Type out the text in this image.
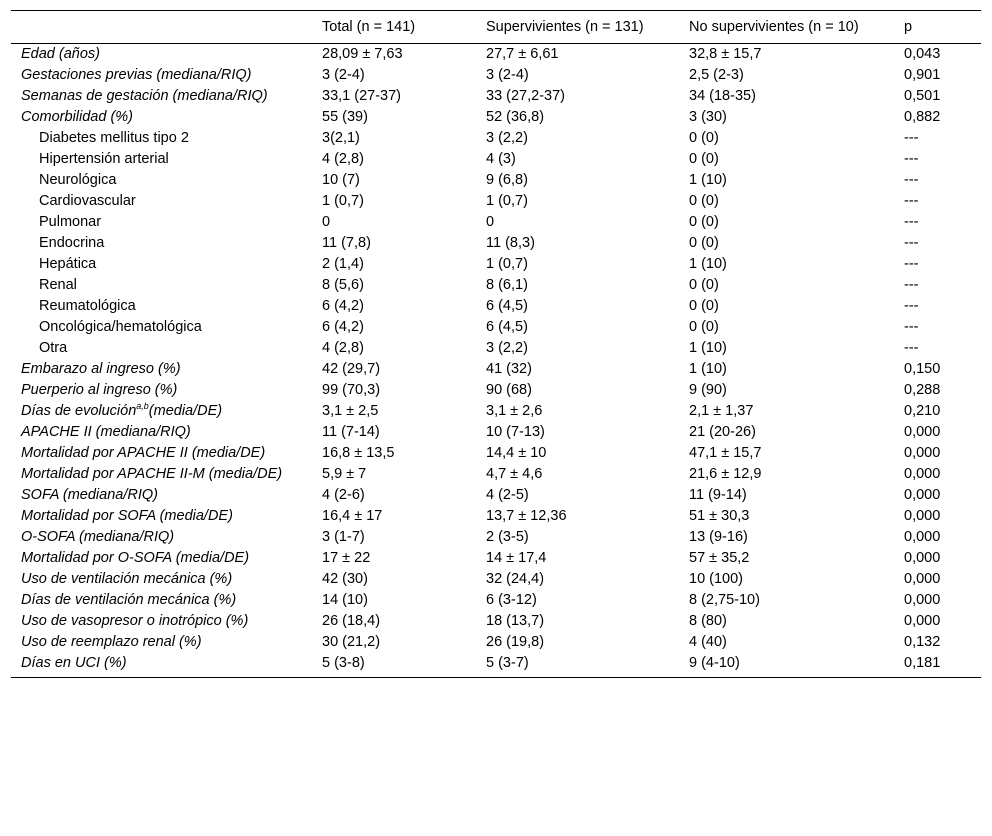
	Total (n = 141)	Supervivientes (n = 131)	No supervivientes (n = 10)	p
Edad (años)	28,09 ± 7,63	27,7 ± 6,61	32,8 ± 15,7	0,043
Gestaciones previas (mediana/RIQ)	3 (2-4)	3 (2-4)	2,5 (2-3)	0,901
Semanas de gestación (mediana/RIQ)	33,1 (27-37)	33 (27,2-37)	34 (18-35)	0,501
Comorbilidad (%)	55 (39)	52 (36,8)	3 (30)	0,882
Diabetes mellitus tipo 2	3(2,1)	3 (2,2)	0 (0)	---
Hipertensión arterial	4 (2,8)	4 (3)	0 (0)	---
Neurológica	10 (7)	9 (6,8)	1 (10)	---
Cardiovascular	1 (0,7)	1 (0,7)	0 (0)	---
Pulmonar	0	0	0 (0)	---
Endocrina	11 (7,8)	11 (8,3)	0 (0)	---
Hepática	2 (1,4)	1 (0,7)	1 (10)	---
Renal	8 (5,6)	8 (6,1)	0 (0)	---
Reumatológica	6 (4,2)	6 (4,5)	0 (0)	---
Oncológica/hematológica	6 (4,2)	6 (4,5)	0 (0)	---
Otra	4 (2,8)	3 (2,2)	1 (10)	---
Embarazo al ingreso (%)	42 (29,7)	41 (32)	1 (10)	0,150
Puerperio al ingreso (%)	99 (70,3)	90 (68)	9 (90)	0,288
Días de evolución$^{a,b}$(media/DE)	3,1 ± 2,5	3,1 ± 2,6	2,1 ± 1,37	0,210
APACHE II (mediana/RIQ)	11 (7-14)	10 (7-13)	21 (20-26)	0,000
Mortalidad por APACHE II (media/DE)	16,8 ± 13,5	14,4 ± 10	47,1 ± 15,7	0,000
Mortalidad por APACHE II-M (media/DE)	5,9 ± 7	4,7 ± 4,6	21,6 ± 12,9	0,000
SOFA (mediana/RIQ)	4 (2-6)	4 (2-5)	11 (9-14)	0,000
Mortalidad por SOFA (media/DE)	16,4 ± 17	13,7 ± 12,36	51 ± 30,3	0,000
O-SOFA (mediana/RIQ)	3 (1-7)	2 (3-5)	13 (9-16)	0,000
Mortalidad por O-SOFA (media/DE)	17 ± 22	14 ± 17,4	57 ± 35,2	0,000
Uso de ventilación mecánica (%)	42 (30)	32 (24,4)	10 (100)	0,000
Días de ventilación mecánica (%)	14 (10)	6 (3-12)	8 (2,75-10)	0,000
Uso de vasopresor o inotrópico (%)	26 (18,4)	18 (13,7)	8 (80)	0,000
Uso de reemplazo renal (%)	30 (21,2)	26 (19,8)	4 (40)	0,132
Días en UCI (%)	5 (3-8)	5 (3-7)	9 (4-10)	0,181
